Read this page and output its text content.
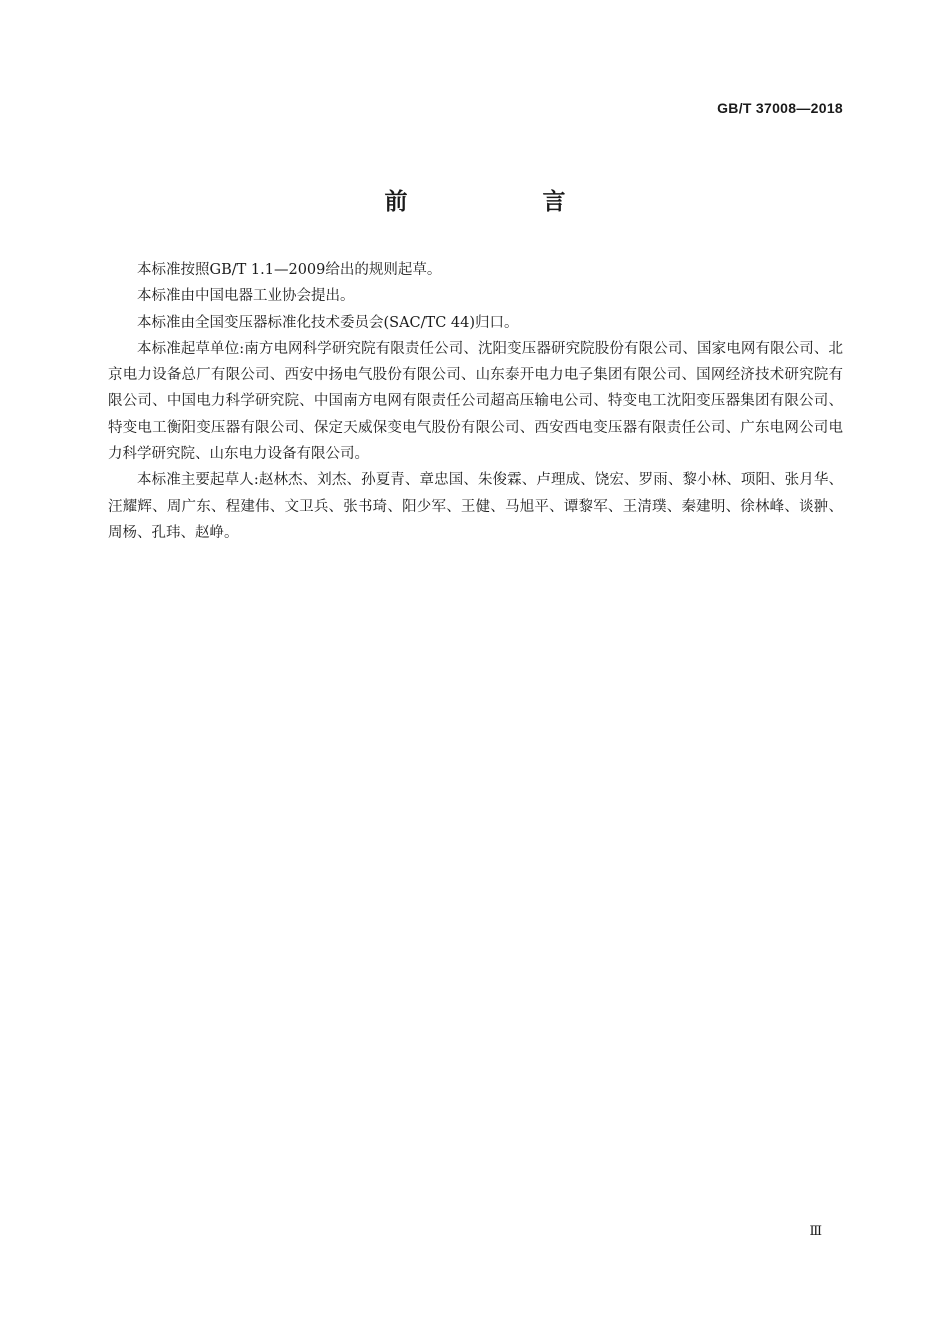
GB/T 37008—2018
前　言

本标准按照GB/T 1.1—2009给出的规则起草。

本标准由中国电器工业协会提出。

本标准由全国变压器标准化技术委员会(SAC/TC 44)归口。

本标准起草单位:南方电网科学研究院有限责任公司、沈阳变压器研究院股份有限公司、国家电网有限公司、北京电力设备总厂有限公司、西安中扬电气股份有限公司、山东泰开电力电子集团有限公司、国网经济技术研究院有限公司、中国电力科学研究院、中国南方电网有限责任公司超高压输电公司、特变电工沈阳变压器集团有限公司、特变电工衡阳变压器有限公司、保定天威保变电气股份有限公司、西安西电变压器有限责任公司、广东电网公司电力科学研究院、山东电力设备有限公司。

本标准主要起草人:赵林杰、刘杰、孙夏青、章忠国、朱俊霖、卢理成、饶宏、罗雨、黎小林、项阳、张月华、汪耀辉、周广东、程建伟、文卫兵、张书琦、阳少军、王健、马旭平、谭黎军、王清璞、秦建明、徐林峰、谈翀、周杨、孔玮、赵峥。

Ⅲ
